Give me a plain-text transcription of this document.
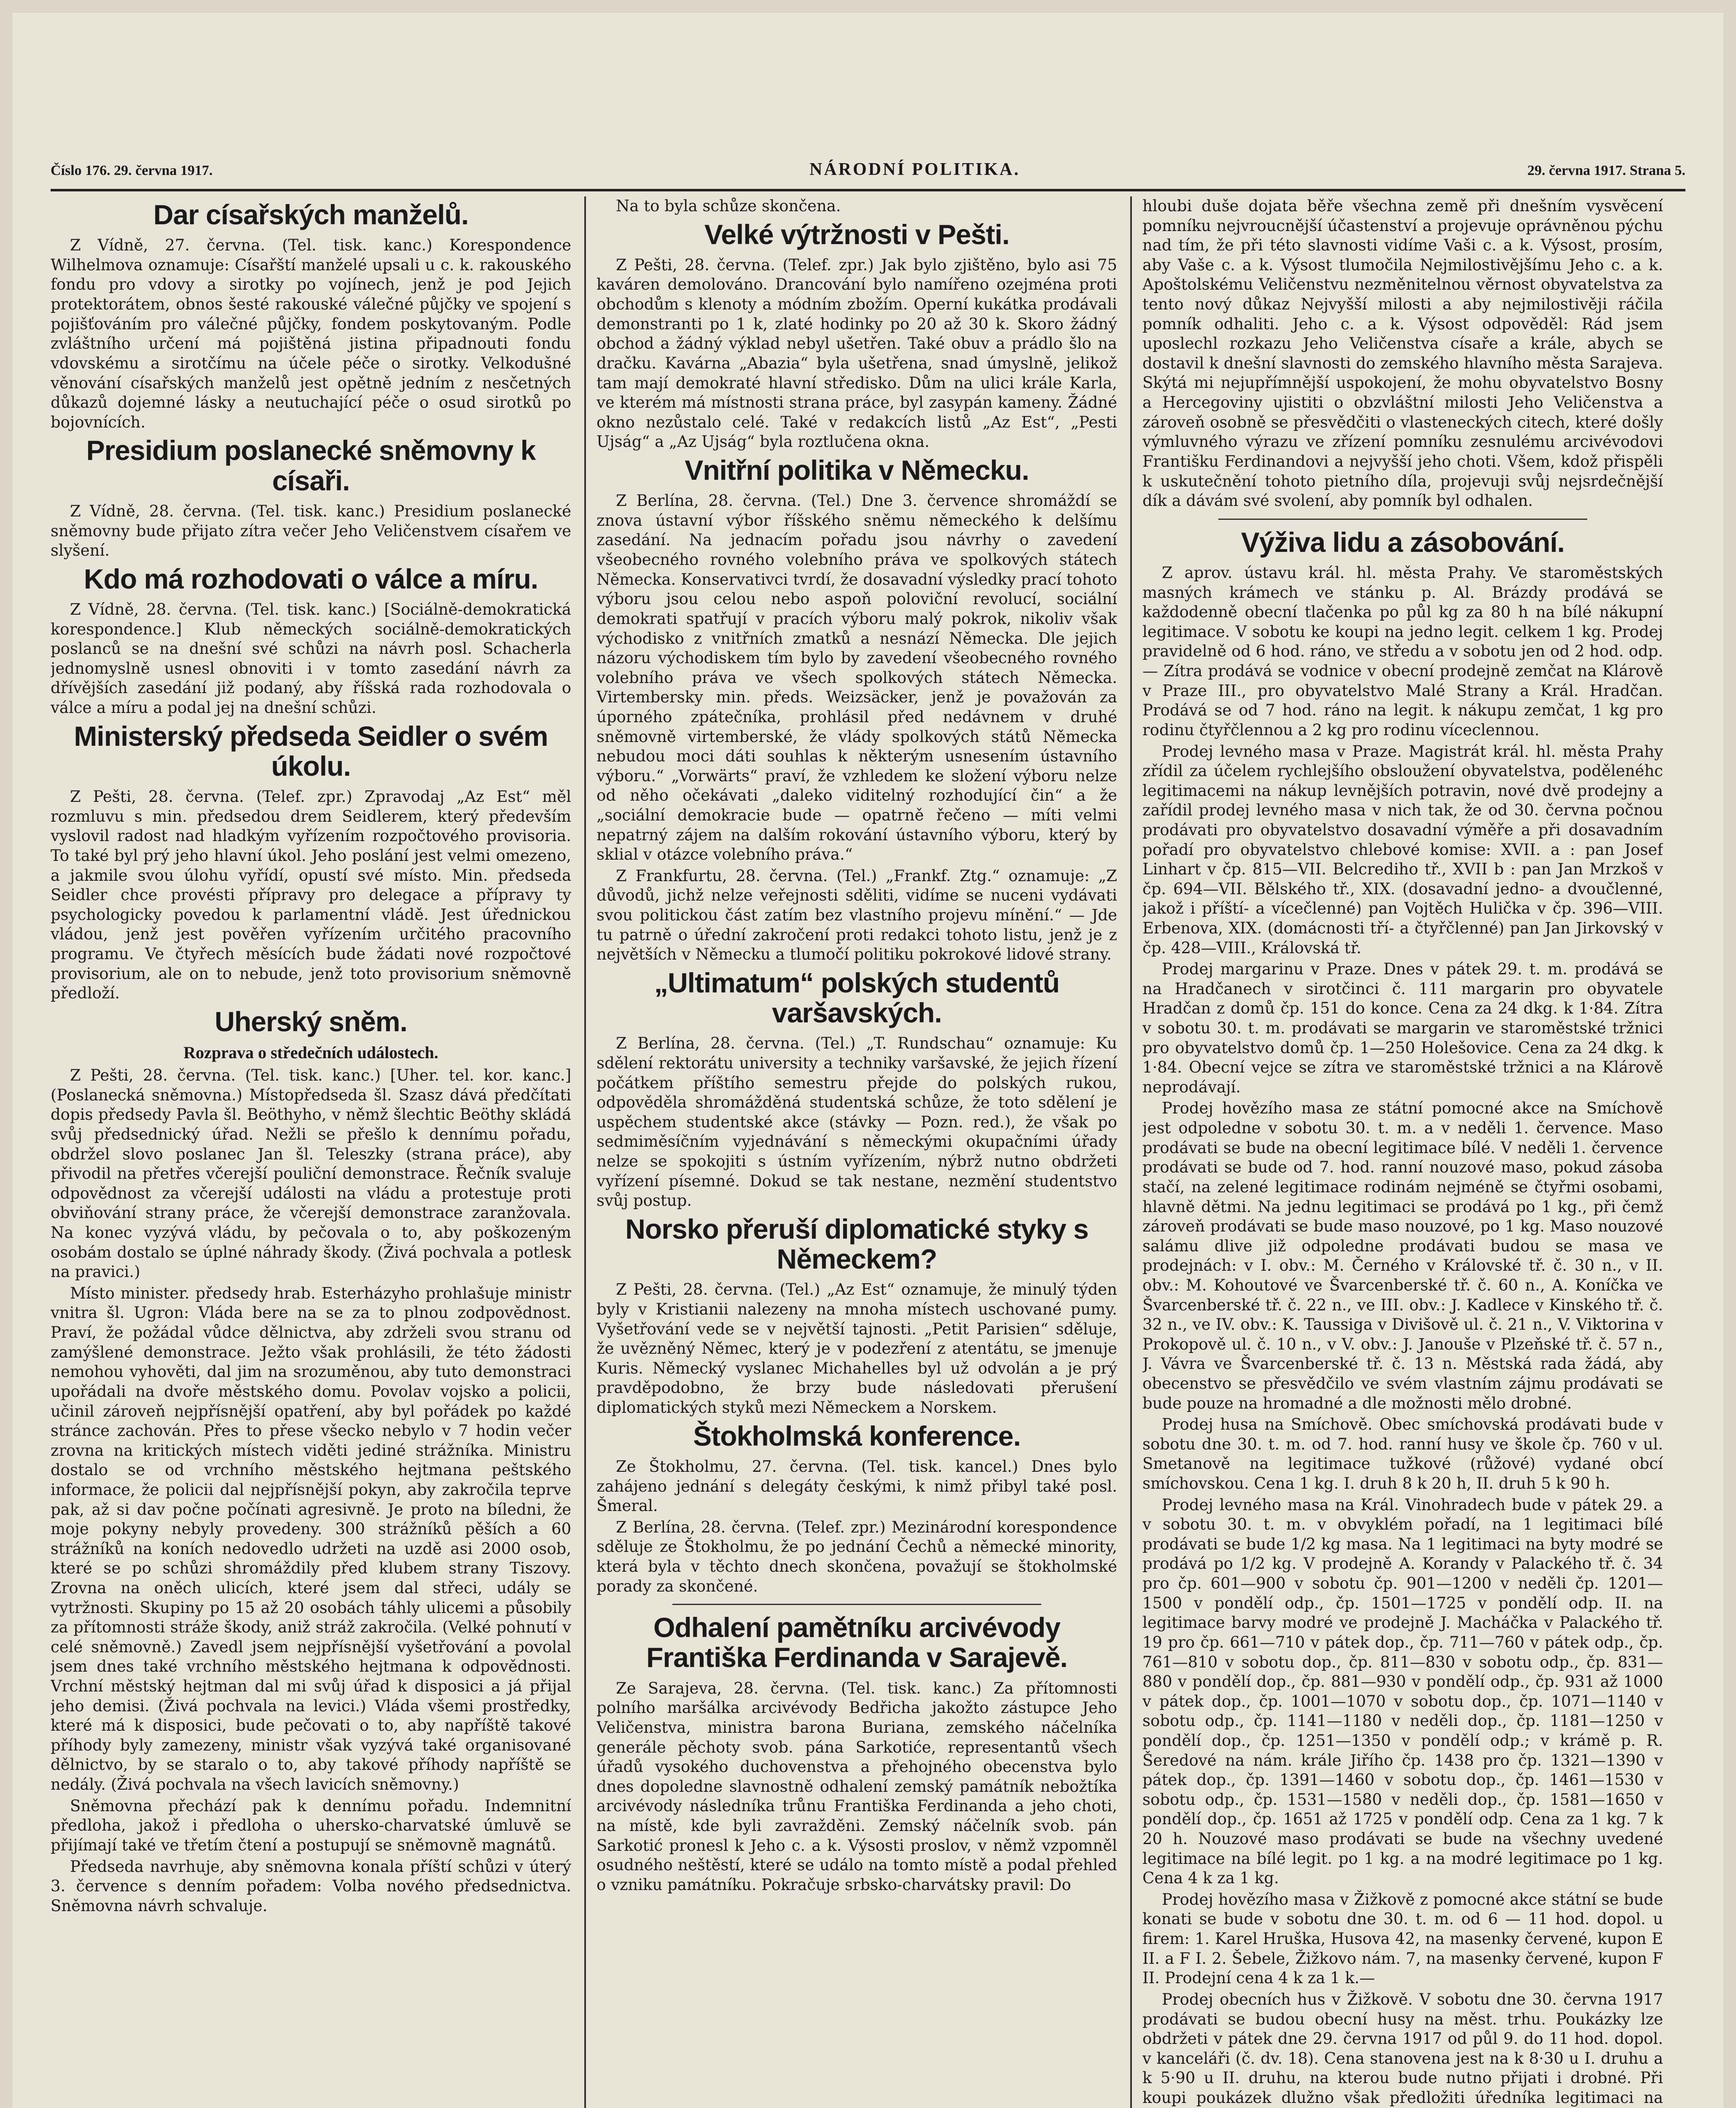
Číslo 176. 29. června 1917.	NÁRODNÍ POLITIKA.	29. června 1917. Strana 5.
Dar císařských manželů.

Z Vídně, 27. června. (Tel. tisk. kanc.) Korespondence Wilhelmova oznamuje: Císařští manželé upsali u c. k. rakouského fondu pro vdovy a sirotky po vojínech, jenž je pod Jejich protektorátem, obnos šesté rakouské válečné půjčky ve spojení s pojišťováním pro válečné půjčky, fondem poskytovaným. Podle zvláštního určení má pojištěná jistina připadnouti fondu vdovskému a sirotčímu na účele péče o sirotky. Velkodušné věnování císařských manželů jest opětně jedním z nesčetných důkazů dojemné lásky a neutuchající péče o osud sirotků po bojovnících.

Presidium poslanecké sněmovny k císaři.

Z Vídně, 28. června. (Tel. tisk. kanc.) Presidium poslanecké sněmovny bude přijato zítra večer Jeho Veličenstvem císařem ve slyšení.

Kdo má rozhodovati o válce a míru.

Z Vídně, 28. června. (Tel. tisk. kanc.) [Sociálně-demokratická korespondence.] Klub německých sociálně-demokratických poslanců se na dnešní své schůzi na návrh posl. Schacherla jednomyslně usnesl obnoviti i v tomto zasedání návrh za dřívějších zasedání již podaný, aby říšská rada rozhodovala o válce a míru a podal jej na dnešní schůzi.

Ministerský předseda Seidler o svém úkolu.

Z Pešti, 28. června. (Telef. zpr.) Zpravodaj „Az Est“ měl rozmluvu s min. předsedou drem Seidlerem, který především vyslovil radost nad hladkým vyřízením rozpočtového provisoria. To také byl prý jeho hlavní úkol. Jeho poslání jest velmi omezeno, a jakmile svou úlohu vyřídí, opustí své místo. Min. předseda Seidler chce provésti přípravy pro delegace a přípravy ty psychologicky povedou k parlamentní vládě. Jest úřednickou vládou, jenž jest pověřen vyřízením určitého pracovního programu. Ve čtyřech měsících bude žádati nové rozpočtové provisorium, ale on to nebude, jenž toto provisorium sněmovně předloží.

Uherský sněm.
Rozprava o středečních událostech.

Z Pešti, 28. června. (Tel. tisk. kanc.) [Uher. tel. kor. kanc.] (Poslanecká sněmovna.) Místopředseda šl. Szasz dává předčítati dopis předsedy Pavla šl. Beöthyho, v němž šlechtic Beöthy skládá svůj předsednický úřad. Nežli se přešlo k dennímu pořadu, obdržel slovo poslanec Jan šl. Teleszky (strana práce), aby přivodil na přetřes včerejší pouliční demonstrace. Řečník svaluje odpovědnost za včerejší události na vládu a protestuje proti obviňování strany práce, že včerejší demonstrace zaranžovala. Na konec vyzývá vládu, by pečovala o to, aby poškozeným osobám dostalo se úplné náhrady škody. (Živá pochvala a potlesk na pravici.)

Místo minister. předsedy hrab. Esterházyho prohlašuje ministr vnitra šl. Ugron: Vláda bere na se za to plnou zodpovědnost. Praví, že požádal vůdce dělnictva, aby zdrželi svou stranu od zamýšlené demonstrace. Ježto však prohlásili, že této žádosti nemohou vyhověti, dal jim na srozuměnou, aby tuto demonstraci upořádali na dvoře městského domu. Povolav vojsko a policii, učinil zároveň nejpřísnější opatření, aby byl pořádek po každé stránce zachován. Přes to přese všecko nebylo v 7 hodin večer zrovna na kritických místech viděti jediné strážníka. Ministru dostalo se od vrchního městského hejtmana peštského informace, že policii dal nejpřísnější pokyn, aby zakročila teprve pak, až si dav počne počínati agresivně. Je proto na bíledni, že moje pokyny nebyly provedeny. 300 strážníků pěších a 60 strážníků na koních nedovedlo udržeti na uzdě asi 2000 osob, které se po schůzi shromáždily před klubem strany Tiszovy. Zrovna na oněch ulicích, které jsem dal střeci, udály se vytržnosti. Skupiny po 15 až 20 osobách táhly ulicemi a působily za přítomnosti stráže škody, aniž stráž zakročila. (Velké pohnutí v celé sněmovně.) Zavedl jsem nejpřísnější vyšetřování a povolal jsem dnes také vrchního městského hejtmana k odpovědnosti. Vrchní městský hejtman dal mi svůj úřad k disposici a já přijal jeho demisi. (Živá pochvala na levici.) Vláda všemi prostředky, které má k disposici, bude pečovati o to, aby napříště takové příhody byly zamezeny, ministr však vyzývá také organisované dělnictvo, by se staralo o to, aby takové příhody napříště se nedály. (Živá pochvala na všech lavicích sněmovny.)

Sněmovna přechází pak k dennímu pořadu. Indemnitní předloha, jakož i předloha o uhersko-charvatské úmluvě se přijímají také ve třetím čtení a postupují se sněmovně magnátů.

Předseda navrhuje, aby sněmovna konala příští schůzi v úterý 3. července s denním pořadem: Volba nového předsednictva. Sněmovna návrh schvaluje.

Na to byla schůze skončena.

Velké výtržnosti v Pešti.

Z Pešti, 28. června. (Telef. zpr.) Jak bylo zjištěno, bylo asi 75 kaváren demolováno. Drancování bylo namířeno ozejména proti obchodům s klenoty a módním zbožím. Operní kukátka prodávali demonstranti po 1 k, zlaté hodinky po 20 až 30 k. Skoro žádný obchod a žádný výklad nebyl ušetřen. Také obuv a prádlo šlo na dračku. Kavárna „Abazia“ byla ušetřena, snad úmyslně, jelikož tam mají demokraté hlavní středisko. Dům na ulici krále Karla, ve kterém má místnosti strana práce, byl zasypán kameny. Žádné okno nezůstalo celé. Také v redakcích listů „Az Est“, „Pesti Ujság“ a „Az Ujság“ byla roztlučena okna.

Vnitřní politika v Německu.

Z Berlína, 28. června. (Tel.) Dne 3. července shromáždí se znova ústavní výbor říšského sněmu německého k delšímu zasedání. Na jednacím pořadu jsou návrhy o zavedení všeobecného rovného volebního práva ve spolkových státech Německa. Konservativci tvrdí, že dosavadní výsledky prací tohoto výboru jsou celou nebo aspoň poloviční revolucí, sociální demokrati spatřují v pracích výboru malý pokrok, nikoliv však východisko z vnitřních zmatků a nesnází Německa. Dle jejich názoru východiskem tím bylo by zavedení všeobecného rovného volebního práva ve všech spolkových státech Německa. Virtembersky min. předs. Weizsäcker, jenž je považován za úporného zpátečníka, prohlásil před nedávnem v druhé sněmovně virtemberské, že vlády spolkových států Německa nebudou moci dáti souhlas k některým usnesením ústavního výboru.“ „Vorwärts“ praví, že vzhledem ke složení výboru nelze od něho očekávati „daleko viditelný rozhodující čin“ a že „sociální demokracie bude — opatrně řečeno — míti velmi nepatrný zájem na dalším rokování ústavního výboru, který by sklial v otázce volebního práva.“

Z Frankfurtu, 28. června. (Tel.) „Frankf. Ztg.“ oznamuje: „Z důvodů, jichž nelze veřejnosti sděliti, vidíme se nuceni vydávati svou politickou část zatím bez vlastního projevu mínění.“ — Jde tu patrně o úřední zakročení proti redakci tohoto listu, jenž je z největších v Německu a tlumočí politiku pokrokové lidové strany.

„Ultimatum“ polských studentů varšavských.

Z Berlína, 28. června. (Tel.) „T. Rundschau“ oznamuje: Ku sdělení rektorátu university a techniky varšavské, že jejich řízení počátkem příštího semestru přejde do polských rukou, odpověděla shromážděná studentská schůze, že toto sdělení je uspěchem studentské akce (stávky — Pozn. red.), že však po sedmiměsíčním vyjednávání s německými okupačními úřady nelze se spokojiti s ústním vyřízením, nýbrž nutno obdržeti vyřízení písemné. Dokud se tak nestane, nezmění studentstvo svůj postup.

Norsko přeruší diplomatické styky s Německem?

Z Pešti, 28. června. (Tel.) „Az Est“ oznamuje, že minulý týden byly v Kristianii nalezeny na mnoha místech uschované pumy. Vyšetřování vede se v největší tajnosti. „Petit Parisien“ sděluje, že uvězněný Němec, který je v podezření z atentátu, se jmenuje Kuris. Německý vyslanec Michahelles byl už odvolán a je prý pravděpodobno, že brzy bude následovati přerušení diplomatických styků mezi Německem a Norskem.

Štokholmská konference.

Ze Štokholmu, 27. června. (Tel. tisk. kancel.) Dnes bylo zahájeno jednání s delegáty českými, k nimž přibyl také posl. Šmeral.

Z Berlína, 28. června. (Telef. zpr.) Mezinárodní korespondence sděluje ze Štokholmu, že po jednání Čechů a německé minority, která byla v těchto dnech skončena, považují se štokholmské porady za skončené.

Odhalení pamětníku arcivévody Františka Ferdinanda v Sarajevě.

Ze Sarajeva, 28. června. (Tel. tisk. kanc.) Za přítomnosti polního maršálka arcivévody Bedřicha jakožto zástupce Jeho Veličenstva, ministra barona Buriana, zemského náčelníka generále pěchoty svob. pána Sarkotiće, representantů všech úřadů vysokého duchovenstva a přehojného obecenstva bylo dnes dopoledne slavnostně odhalení zemský památník nebožtíka arcivévody následníka trůnu Františka Ferdinanda a jeho choti, na místě, kde byli zavražděni. Zemský náčelník svob. pán Sarkotić pronesl k Jeho c. a k. Výsosti proslov, v němž vzpomněl osudného neštěstí, které se událo na tomto místě a podal přehled o vzniku památníku. Pokračuje srbsko-charvátsky pravil: Do

hloubi duše dojata běře všechna země při dnešním vysvěcení pomníku nejvroucnější účastenství a projevuje oprávněnou pýchu nad tím, že při této slavnosti vidíme Vaši c. a k. Výsost, prosím, aby Vaše c. a k. Výsost tlumočila Nejmilostivějšímu Jeho c. a k. Apoštolskému Veličenstvu nezměnitelnou věrnost obyvatelstva za tento nový důkaz Nejvyšší milosti a aby nejmilostivěji ráčila pomník odhaliti. Jeho c. a k. Výsost odpověděl: Rád jsem uposlechl rozkazu Jeho Veličenstva císaře a krále, abych se dostavil k dnešní slavnosti do zemského hlavního města Sarajeva. Skýtá mi nejupřímnější uspokojení, že mohu obyvatelstvo Bosny a Hercegoviny ujistiti o obzvláštní milosti Jeho Veličenstva a zároveň osobně se přesvědčiti o vlasteneckých citech, které došly výmluvného výrazu ve zřízení pomníku zesnulému arcivévodovi Františku Ferdinandovi a nejvyšší jeho choti. Všem, kdož přispěli k uskutečnění tohoto pietního díla, projevuji svůj nejsrdečnější dík a dávám své svolení, aby pomník byl odhalen.

Výživa lidu a zásobování.

Z aprov. ústavu král. hl. města Prahy. Ve staroměstských masných krámech ve stánku p. Al. Brázdy prodává se každodenně obecní tlačenka po půl kg za 80 h na bílé nákupní legitimace. V sobotu ke koupi na jedno legit. celkem 1 kg. Prodej pravidelně od 6 hod. ráno, ve středu a v sobotu jen od 2 hod. odp. — Zítra prodává se vodnice v obecní prodejně zemčat na Klárově v Praze III., pro obyvatelstvo Malé Strany a Král. Hradčan. Prodává se od 7 hod. ráno na legit. k nákupu zemčat, 1 kg pro rodinu čtyřčlennou a 2 kg pro rodinu víceclennou.

Prodej levného masa v Praze. Magistrát král. hl. města Prahy zřídil za účelem rychlejšího obsloužení obyvatelstva, podělenéhc legitimacemi na nákup levnějších potravin, nové dvě prodejny a zařídil prodej levného masa v nich tak, že od 30. června počnou prodávati pro obyvatelstvo dosavadní výměře a při dosavadním pořadí pro obyvatelstvo chlebové komise: XVII. a : pan Josef Linhart v čp. 815—VII. Belcrediho tř., XVII b : pan Jan Mrzkoš v čp. 694—VII. Bělského tř., XIX. (dosavadní jedno- a dvoučlenné, jakož i příští- a vícečlenné) pan Vojtěch Hulička v čp. 396—VIII. Erbenova, XIX. (domácnosti tří- a čtyřčlenné) pan Jan Jirkovský v čp. 428—VIII., Královská tř.

Prodej margarinu v Praze. Dnes v pátek 29. t. m. prodává se na Hradčanech v sirotčinci č. 111 margarin pro obyvatele Hradčan z domů čp. 151 do konce. Cena za 24 dkg. k 1·84. Zítra v sobotu 30. t. m. prodávati se margarin ve staroměstské tržnici pro obyvatelstvo domů čp. 1—250 Holešovice. Cena za 24 dkg. k 1·84. Obecní vejce se zítra ve staroměstské tržnici a na Klárově neprodávají.

Prodej hovězího masa ze státní pomocné akce na Smíchově jest odpoledne v sobotu 30. t. m. a v neděli 1. července. Maso prodávati se bude na obecní legitimace bílé. V neděli 1. července prodávati se bude od 7. hod. ranní nouzové maso, pokud zásoba stačí, na zelené legitimace rodinám nejméně se čtyřmi osobami, hlavně dětmi. Na jednu legitimaci se prodává po 1 kg., při čemž zároveň prodávati se bude maso nouzové, po 1 kg. Maso nouzové salámu dlive již odpoledne prodávati budou se masa ve prodejnách: v I. obv.: M. Černého v Královské tř. č. 30 n., v II. obv.: M. Kohoutové ve Švarcenberské tř. č. 60 n., A. Koníčka ve Švarcenberské tř. č. 22 n., ve III. obv.: J. Kadlece v Kinského tř. č. 32 n., ve IV. obv.: K. Taussiga v Divišově ul. č. 21 n., V. Viktorina v Prokopově ul. č. 10 n., v V. obv.: J. Janouše v Plzeňské tř. č. 57 n., J. Vávra ve Švarcenberské tř. č. 13 n. Městská rada žádá, aby obecenstvo se přesvědčilo ve svém vlastním zájmu prodávati se bude pouze na hromadné a dle možnosti mělo drobné.

Prodej husa na Smíchově. Obec smíchovská prodávati bude v sobotu dne 30. t. m. od 7. hod. ranní husy ve škole čp. 760 v ul. Smetanově na legitimace tužkové (růžové) vydané obcí smíchovskou. Cena 1 kg. I. druh 8 k 20 h, II. druh 5 k 90 h.

Prodej levného masa na Král. Vinohradech bude v pátek 29. a v sobotu 30. t. m. v obvyklém pořadí, na 1 legitimaci bílé prodávati se bude 1/2 kg masa. Na 1 legitimaci na byty modré se prodává po 1/2 kg. V prodejně A. Korandy v Palackého tř. č. 34 pro čp. 601—900 v sobotu čp. 901—1200 v neděli čp. 1201—1500 v pondělí odp., čp. 1501—1725 v pondělí odp. II. na legitimace barvy modré ve prodejně J. Macháčka v Palackého tř. 19 pro čp. 661—710 v pátek dop., čp. 711—760 v pátek odp., čp. 761—810 v sobotu dop., čp. 811—830 v sobotu odp., čp. 831—880 v pondělí dop., čp. 881—930 v pondělí odp., čp. 931 až 1000 v pátek dop., čp. 1001—1070 v sobotu dop., čp. 1071—1140 v sobotu odp., čp. 1141—1180 v neděli dop., čp. 1181—1250 v pondělí dop., čp. 1251—1350 v pondělí odp.; v krámě p. R. Šeredové na nám. krále Jiřího čp. 1438 pro čp. 1321—1390 v pátek dop., čp. 1391—1460 v sobotu dop., čp. 1461—1530 v sobotu odp., čp. 1531—1580 v neděli dop., čp. 1581—1650 v pondělí dop., čp. 1651 až 1725 v pondělí odp. Cena za 1 kg. 7 k 20 h. Nouzové maso prodávati se bude na všechny uvedené legitimace na bílé legit. po 1 kg. a na modré legitimace po 1 kg. Cena 4 k za 1 kg.

Prodej hovězího masa v Žižkově z pomocné akce státní se bude konati se bude v sobotu dne 30. t. m. od 6 — 11 hod. dopol. u firem: 1. Karel Hruška, Husova 42, na masenky červené, kupon E II. a F I. 2. Šebele, Žižkovo nám. 7, na masenky červené, kupon F II. Prodejní cena 4 k za 1 k.—

Prodej obecních hus v Žižkově. V sobotu dne 30. června 1917 prodávati se budou obecní husy na měst. trhu. Poukázky lze obdržeti v pátek dne 29. června 1917 od půl 9. do 11 hod. dopol. v kanceláři (č. dv. 18). Cena stanovena jest na k 8·30 u I. druhu a k 5·90 u II. druhu, na kterou bude nutno přijati i drobné. Při koupi poukázek dlužno však předložiti úředníka legitimaci na
